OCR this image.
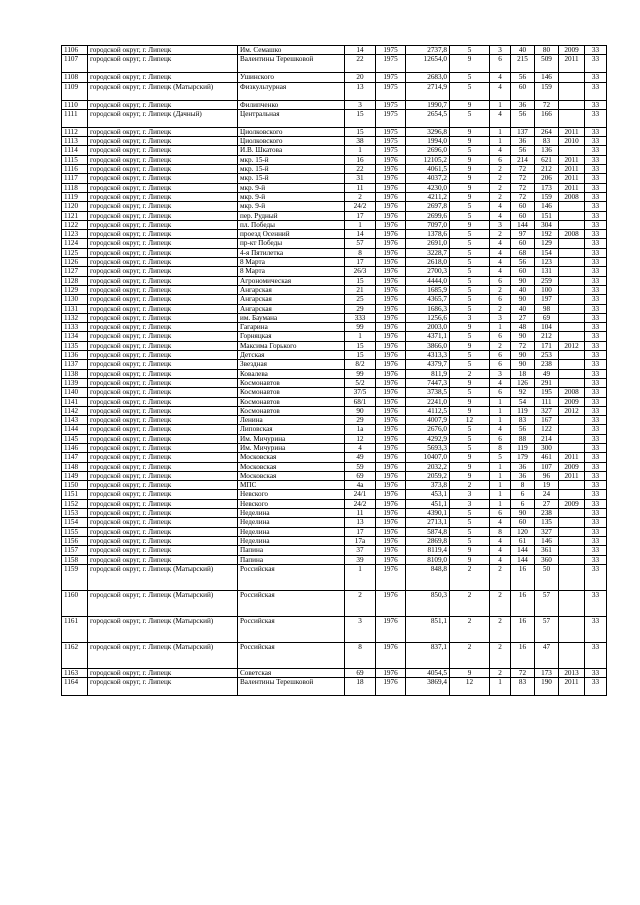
1106	городской округ, г. Липецк	Им. Семашко	14	1975	2737,8	5	3	40	80	2009	33
1107	городской округ, г. Липецк	Валентины Терешковой	22	1975	12654,0	9	6	215	509	2011	33
1108	городской округ, г. Липецк	Ушинского	20	1975	2683,0	5	4	56	146		33
1109	городской округ, г. Липецк (Матырский)	Физкультурная	13	1975	2714,9	5	4	60	159		33
1110	городской округ, г. Липецк	Филипченко	3	1975	1990,7	9	1	36	72		33
1111	городской округ, г. Липецк (Дачный)	Центральная	15	1975	2654,5	5	4	56	166		33
1112	городской округ, г. Липецк	Циолковского	15	1975	3296,8	9	1	137	264	2011	33
1113	городской округ, г. Липецк	Циолковского	38	1975	1994,0	9	1	36	83	2010	33
1114	городской округ, г. Липецк	И.В. Шкатова	1	1975	2696,0	5	4	56	136		33
1115	городской округ, г. Липецк	мкр. 15-й	16	1976	12105,2	9	6	214	621	2011	33
1116	городской округ, г. Липецк	мкр. 15-й	22	1976	4061,5	9	2	72	212	2011	33
1117	городской округ, г. Липецк	мкр. 15-й	31	1976	4037,2	9	2	72	206	2011	33
1118	городской округ, г. Липецк	мкр. 9-й	11	1976	4230,0	9	2	72	173	2011	33
1119	городской округ, г. Липецк	мкр. 9-й	2	1976	4211,2	9	2	72	159	2008	33
1120	городской округ, г. Липецк	мкр. 9-й	24/2	1976	2697,8	5	4	60	146		33
1121	городской округ, г. Липецк	пер. Рудный	17	1976	2699,6	5	4	60	151		33
1122	городской округ, г. Липецк	пл. Победы	1	1976	7097,0	9	3	144	304		33
1123	городской округ, г. Липецк	проезд Осенний	14	1976	1378,6	5	2	97	192	2008	33
1124	городской округ, г. Липецк	пр-кт Победы	57	1976	2691,0	5	4	60	129		33
1125	городской округ, г. Липецк	4-я Пятилетка	8	1976	3228,7	5	4	68	154		33
1126	городской округ, г. Липецк	8 Марта	17	1976	2618,0	5	4	56	123		33
1127	городской округ, г. Липецк	8 Марта	26/3	1976	2700,3	5	4	60	131		33
1128	городской округ, г. Липецк	Агрономическая	15	1976	4444,0	5	6	90	259		33
1129	городской округ, г. Липецк	Ангарская	21	1976	1685,9	5	2	40	100		33
1130	городской округ, г. Липецк	Ангарская	25	1976	4365,7	5	6	90	197		33
1131	городской округ, г. Липецк	Ангарская	29	1976	1686,3	5	2	40	98		33
1132	городской округ, г. Липецк	им. Баумана	333	1976	1256,6	3	3	27	69		33
1133	городской округ, г. Липецк	Гагарина	99	1976	2003,0	9	1	48	104		33
1134	городской округ, г. Липецк	Горняцкая	1	1976	4371,1	5	6	90	212		33
1135	городской округ, г. Липецк	Максима Горького	15	1976	3866,0	9	2	72	171	2012	33
1136	городской округ, г. Липецк	Детская	15	1976	4313,3	5	6	90	253		33
1137	городской округ, г. Липецк	Звездная	8/2	1976	4379,7	5	6	90	238		33
1138	городской округ, г. Липецк	Ковалева	99	1976	811,9	2	3	18	49		33
1139	городской округ, г. Липецк	Космонавтов	5/2	1976	7447,3	9	4	126	291		33
1140	городской округ, г. Липецк	Космонавтов	37/5	1976	3738,5	5	6	92	195	2008	33
1141	городской округ, г. Липецк	Космонавтов	68/1	1976	2241,0	9	1	54	111	2009	33
1142	городской округ, г. Липецк	Космонавтов	90	1976	4112,5	9	1	119	327	2012	33
1143	городской округ, г. Липецк	Ленина	29	1976	4007,9	12	1	83	167		33
1144	городской округ, г. Липецк	Липовская	1а	1976	2676,0	5	4	56	122		33
1145	городской округ, г. Липецк	Им. Мичурина	12	1976	4292,9	5	6	88	214		33
1146	городской округ, г. Липецк	Им. Мичурина	4	1976	5693,3	5	8	119	300		33
1147	городской округ, г. Липецк	Московская	49	1976	10407,0	9	5	179	461	2011	33
1148	городской округ, г. Липецк	Московская	59	1976	2032,2	9	1	36	107	2009	33
1149	городской округ, г. Липецк	Московская	69	1976	2059,2	9	1	36	96	2011	33
1150	городской округ, г. Липецк	МПС	4а	1976	373,8	2	1	8	19		33
1151	городской округ, г. Липецк	Невского	24/1	1976	453,1	3	1	6	24		33
1152	городской округ, г. Липецк	Невского	24/2	1976	451,1	3	1	6	27	2009	33
1153	городской округ, г. Липецк	Неделина	11	1976	4390,1	5	6	90	238		33
1154	городской округ, г. Липецк	Неделина	13	1976	2713,1	5	4	60	135		33
1155	городской округ, г. Липецк	Неделина	17	1976	5874,8	5	8	120	327		33
1156	городской округ, г. Липецк	Неделина	17а	1976	2869,8	5	4	61	146		33
1157	городской округ, г. Липецк	Папина	37	1976	8119,4	9	4	144	361		33
1158	городской округ, г. Липецк	Папина	39	1976	8109,0	9	4	144	360		33
1159	городской округ, г. Липецк (Матырский)	Российская	1	1976	848,8	2	2	16	50		33
1160	городской округ, г. Липецк (Матырский)	Российская	2	1976	850,3	2	2	16	57		33
1161	городской округ, г. Липецк (Матырский)	Российская	3	1976	851,1	2	2	16	57		33
1162	городской округ, г. Липецк (Матырский)	Российская	8	1976	837,1	2	2	16	47		33
1163	городской округ, г. Липецк	Советская	69	1976	4054,5	9	2	72	173	2013	33
1164	городской округ, г. Липецк	Валентины Терешковой	18	1976	3869,4	12	1	83	190	2011	33
